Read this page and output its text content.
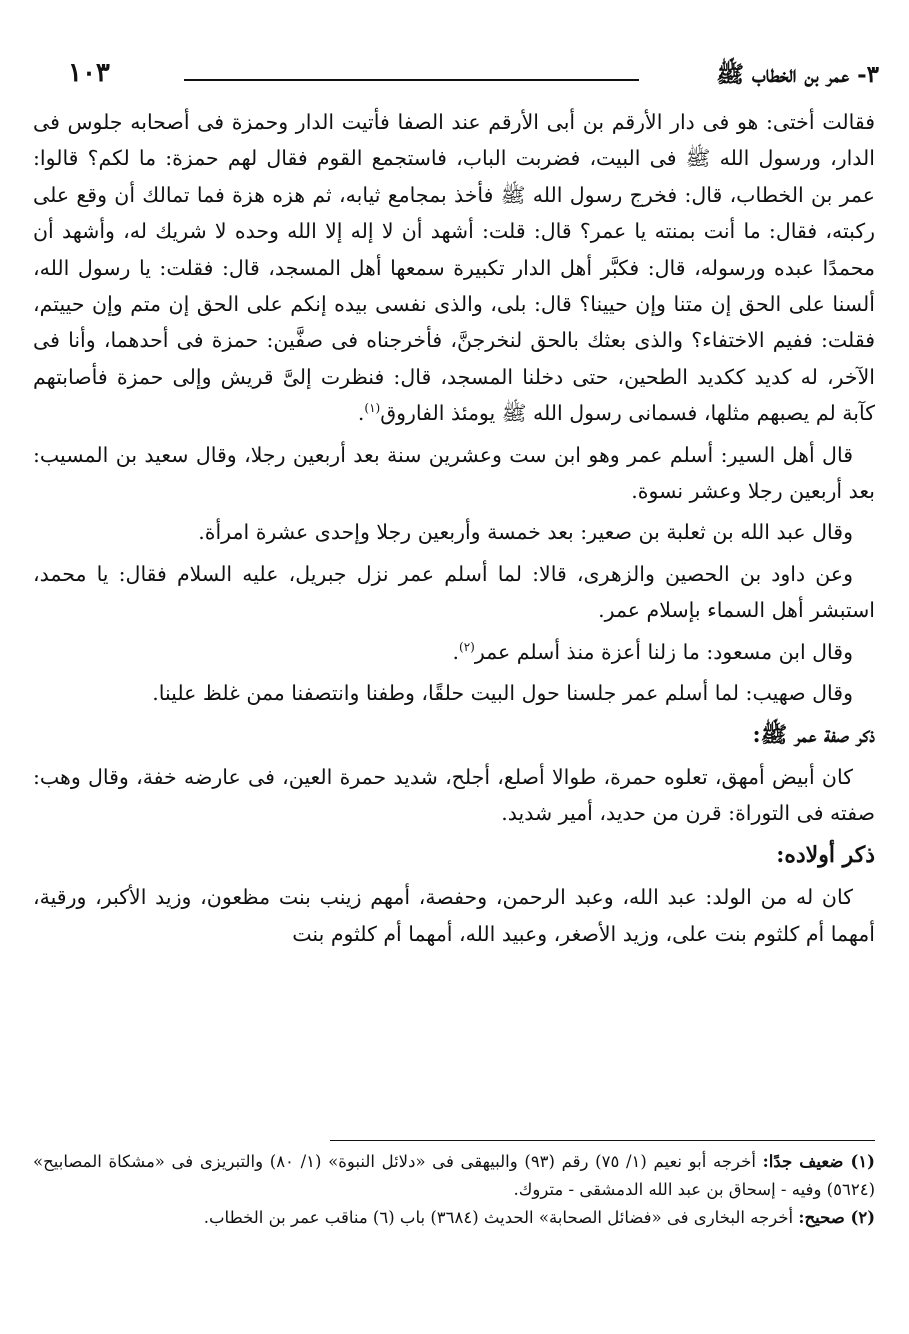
٣- عمر بن الخطاب ﷺ
١٠٣

فقالت أختى: هو فى دار الأرقم بن أبى الأرقم عند الصفا فأتيت الدار وحمزة فى أصحابه جلوس فى الدار، ورسول الله ﷺ فى البيت، فضربت الباب، فاستجمع القوم فقال لهم حمزة: ما لكم؟ قالوا: عمر بن الخطاب، قال: فخرج رسول الله ﷺ فأخذ بمجامع ثيابه، ثم هزه هزة فما تمالك أن وقع على ركبته، فقال: ما أنت بمنته يا عمر؟ قال: قلت: أشهد أن لا إله إلا الله وحده لا شريك له، وأشهد أن محمدًا عبده ورسوله، قال: فكبَّر أهل الدار تكبيرة سمعها أهل المسجد، قال: فقلت: يا رسول الله، ألسنا على الحق إن متنا وإن حيينا؟ قال: بلى، والذى نفسى بيده إنكم على الحق إن متم وإن حييتم، فقلت: ففيم الاختفاء؟ والذى بعثك بالحق لنخرجنَّ، فأخرجناه فى صفَّين: حمزة فى أحدهما، وأنا فى الآخر، له كديد ككديد الطحين، حتى دخلنا المسجد، قال: فنظرت إلىَّ قريش وإلى حمزة فأصابتهم كآبة لم يصبهم مثلها، فسمانى رسول الله ﷺ يومئذ الفاروق$^{(١)}$.

قال أهل السير: أسلم عمر وهو ابن ست وعشرين سنة بعد أربعين رجلا، وقال سعيد بن المسيب: بعد أربعين رجلا وعشر نسوة.

وقال عبد الله بن ثعلبة بن صعير: بعد خمسة وأربعين رجلا وإحدى عشرة امرأة.

وعن داود بن الحصين والزهرى، قالا: لما أسلم عمر نزل جبريل، عليه السلام فقال: يا محمد، استبشر أهل السماء بإسلام عمر.

وقال ابن مسعود: ما زلنا أعزة منذ أسلم عمر$^{(٢)}$.

وقال صهيب: لما أسلم عمر جلسنا حول البيت حلقًا، وطفنا وانتصفنا ممن غلظ علينا.

ذكر صفة عمر ﷺ:

كان أبيض أمهق، تعلوه حمرة، طوالا أصلع، أجلح، شديد حمرة العين، فى عارضه خفة، وقال وهب: صفته فى التوراة: قرن من حديد، أمير شديد.

ذكر أولاده:

كان له من الولد: عبد الله، وعبد الرحمن، وحفصة، أمهم زينب بنت مظعون، وزيد الأكبر، ورقية، أمهما أم كلثوم بنت على، وزيد الأصغر، وعبيد الله، أمهما أم كلثوم بنت

(١) ضعيف جدًا: أخرجه أبو نعيم (١/ ٧٥) رقم (٩٣) والبيهقى فى «دلائل النبوة» (١/ ٨٠) والتبريزى فى «مشكاة المصابيح» (٥٦٢٤) وفيه - إسحاق بن عبد الله الدمشقى - متروك.

(٢) صحيح: أخرجه البخارى فى «فضائل الصحابة» الحديث (٣٦٨٤) باب (٦) مناقب عمر بن الخطاب.
